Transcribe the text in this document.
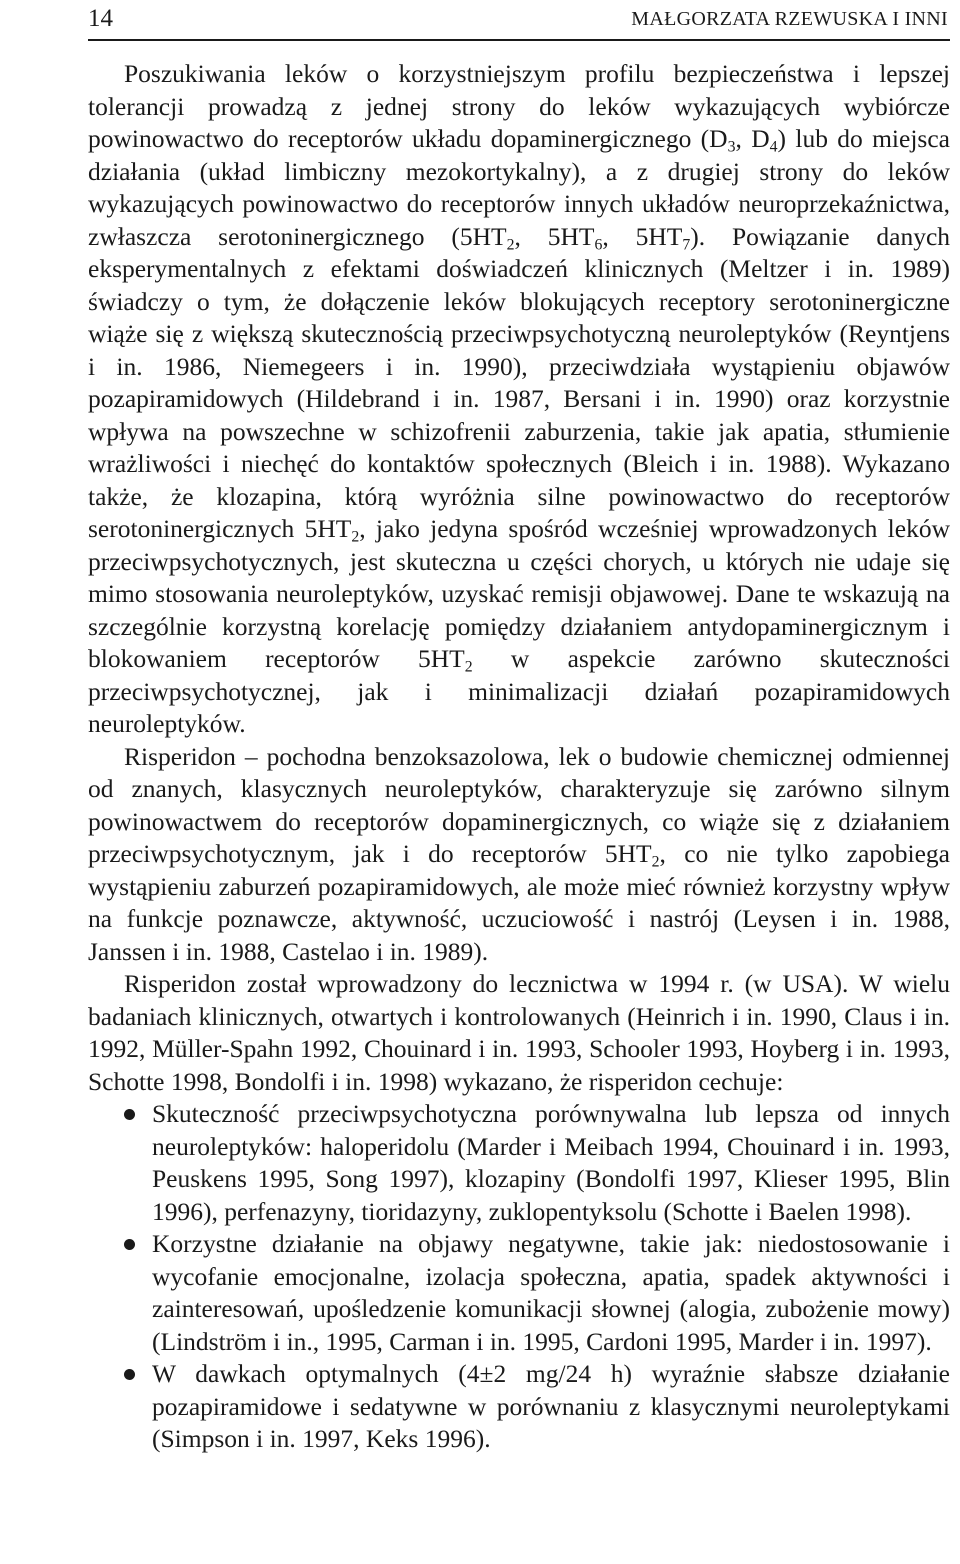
14	MAŁGORZATA RZEWUSKA I INNI

Poszukiwania leków o korzystniejszym profilu bezpieczeństwa i lepszej tolerancji prowadzą z jednej strony do leków wykazujących wybiórcze powinowactwo do receptorów układu dopaminergicznego ($D_3$, $D_4$) lub do miejsca działania (układ limbiczny mezokortykalny), a z drugiej strony do leków wykazujących powinowactwo do receptorów innych układów neuroprzekaźnictwa, zwłaszcza serotoninergicznego ($5HT_2$, $5HT_6$, $5HT_7$). Powiązanie danych eksperymentalnych z efektami doświadczeń klinicznych (Meltzer i in. 1989) świadczy o tym, że dołączenie leków blokujących receptory serotoninergiczne wiąże się z większą skutecznością przeciwpsychotyczną neuroleptyków (Reyntjens i in. 1986, Niemegeers i in. 1990), przeciwdziała wystąpieniu objawów pozapiramidowych (Hildebrand i in. 1987, Bersani i in. 1990) oraz korzystnie wpływa na powszechne w schizofrenii zaburzenia, takie jak apatia, stłumienie wrażliwości i niechęć do kontaktów społecznych (Bleich i in. 1988). Wykazano także, że klozapina, którą wyróżnia silne powinowactwo do receptorów serotoninergicznych $5HT_2$, jako jedyna spośród wcześniej wprowadzonych leków przeciwpsychotycznych, jest skuteczna u części chorych, u których nie udaje się mimo stosowania neuroleptyków, uzyskać remisji objawowej. Dane te wskazują na szczególnie korzystną korelację pomiędzy działaniem antydopaminergicznym i blokowaniem receptorów $5HT_2$ w aspekcie zarówno skuteczności przeciwpsychotycznej, jak i minimalizacji działań pozapiramidowych neuroleptyków.

Risperidon – pochodna benzoksazolowa, lek o budowie chemicznej odmiennej od znanych, klasycznych neuroleptyków, charakteryzuje się zarówno silnym powinowactwem do receptorów dopaminergicznych, co wiąże się z działaniem przeciwpsychotycznym, jak i do receptorów $5HT_2$, co nie tylko zapobiega wystąpieniu zaburzeń pozapiramidowych, ale może mieć również korzystny wpływ na funkcje poznawcze, aktywność, uczuciowość i nastrój (Leysen i in. 1988, Janssen i in. 1988, Castelao i in. 1989).

Risperidon został wprowadzony do lecznictwa w 1994 r. (w USA). W wielu badaniach klinicznych, otwartych i kontrolowanych (Heinrich i in. 1990, Claus i in. 1992, Müller-Spahn 1992, Chouinard i in. 1993, Schooler 1993, Hoyberg i in. 1993, Schotte 1998, Bondolfi i in. 1998) wykazano, że risperidon cechuje:

Skuteczność przeciwpsychotyczna porównywalna lub lepsza od innych neuroleptyków: haloperidolu (Marder i Meibach 1994, Chouinard i in. 1993, Peuskens 1995, Song 1997), klozapiny (Bondolfi 1997, Klieser 1995, Blin 1996), perfenazyny, tioridazyny, zuklopentyksolu (Schotte i Baelen 1998).
Korzystne działanie na objawy negatywne, takie jak: niedostosowanie i wycofanie emocjonalne, izolacja społeczna, apatia, spadek aktywności i zainteresowań, upośledzenie komunikacji słownej (alogia, zubożenie mowy) (Lindström i in., 1995, Carman i in. 1995, Cardoni 1995, Marder i in. 1997).
W dawkach optymalnych (4±2 mg/24 h) wyraźnie słabsze działanie pozapiramidowe i sedatywne w porównaniu z klasycznymi neuroleptykami (Simpson i in. 1997, Keks 1996).
